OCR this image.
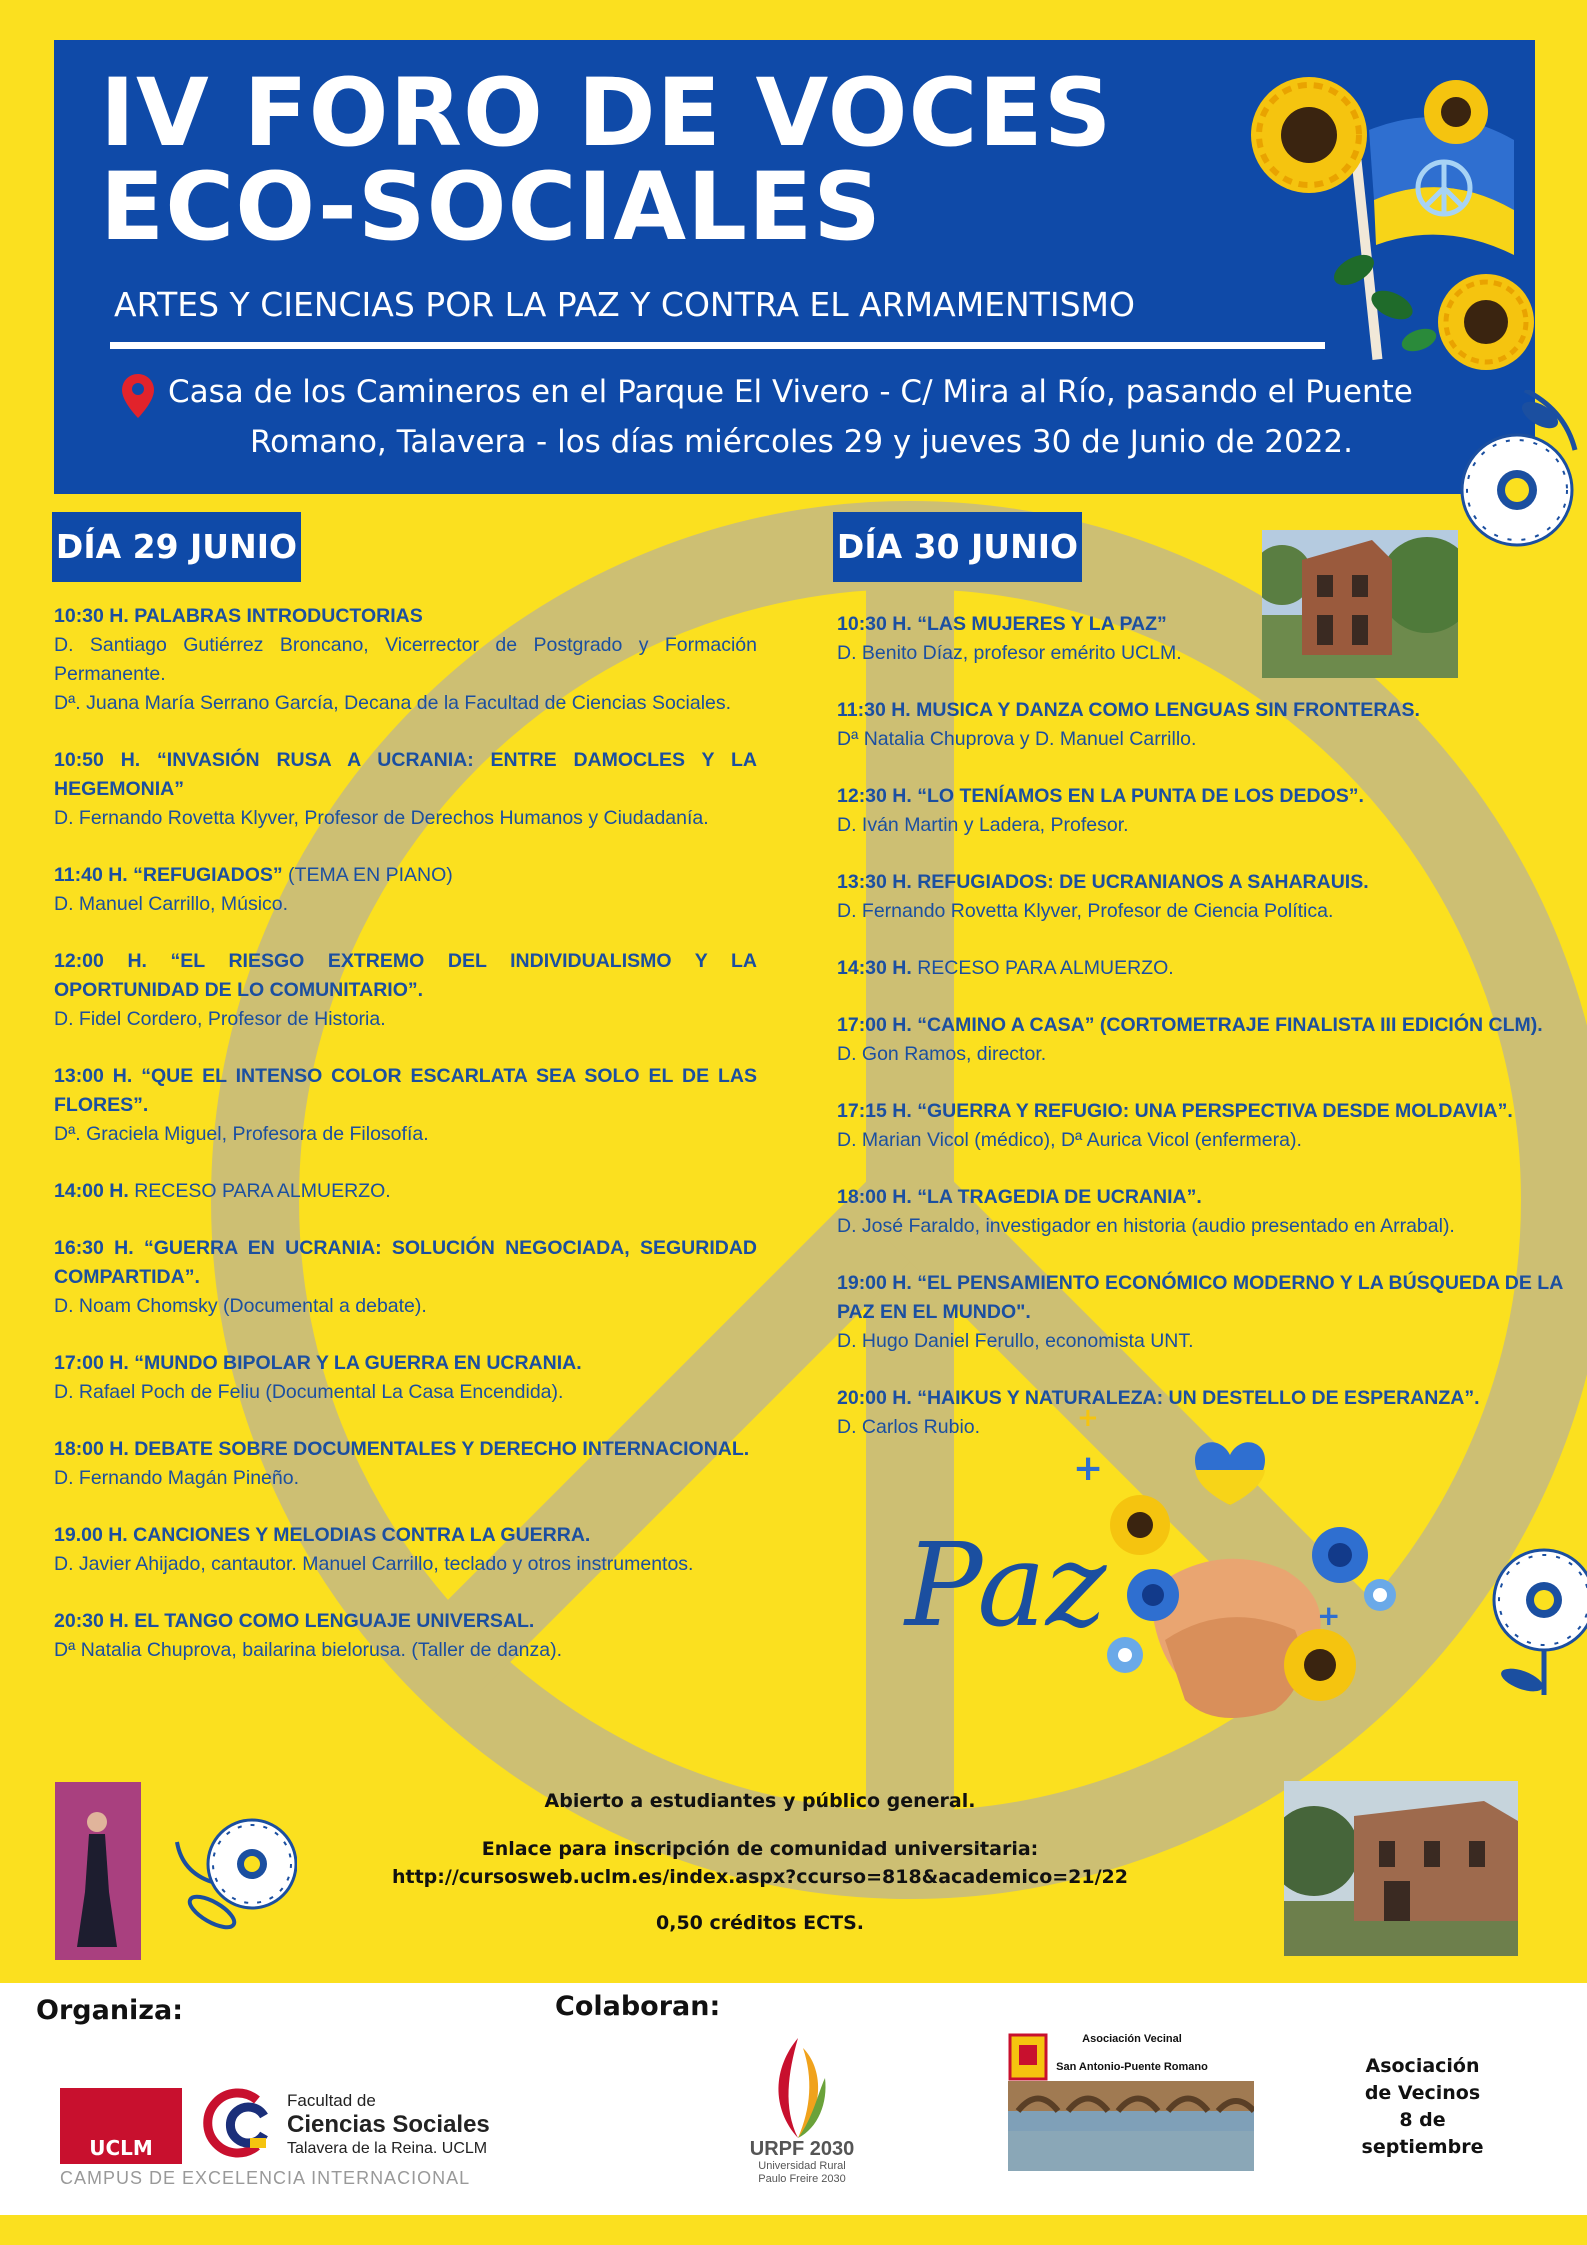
IV FORO DE VOCES
ECO-SOCIALES
ARTES Y CIENCIAS POR LA PAZ Y CONTRA EL ARMAMENTISMO
Casa de los Camineros en el Parque El Vivero - C/ Mira al Río, pasando el Puente
Romano, Talavera - los días miércoles 29 y jueves 30 de Junio de 2022.
DÍA 29 JUNIO	DÍA 30 JUNIO
10:30 H. PALABRAS INTRODUCTORIAS
D. Santiago Gutiérrez Broncano, Vicerrector de Postgrado y Formación Permanente.
Dª. Juana María Serrano García, Decana de la Facultad de Ciencias Sociales.
10:50 H. “INVASIÓN RUSA A UCRANIA: ENTRE DAMOCLES Y LA HEGEMONIA”
D. Fernando Rovetta Klyver, Profesor de Derechos Humanos y Ciudadanía.
11:40 H. “REFUGIADOS” (TEMA EN PIANO)
D. Manuel Carrillo, Músico.
12:00 H. “EL RIESGO EXTREMO DEL INDIVIDUALISMO Y LA OPORTUNIDAD DE LO COMUNITARIO”.
D. Fidel Cordero, Profesor de Historia.
13:00 H. “QUE EL INTENSO COLOR ESCARLATA SEA SOLO EL DE LAS FLORES”.
Dª. Graciela Miguel, Profesora de Filosofía.
14:00 H. RECESO PARA ALMUERZO.
16:30 H. “GUERRA EN UCRANIA: SOLUCIÓN NEGOCIADA, SEGURIDAD COMPARTIDA”.
D. Noam Chomsky (Documental a debate).
17:00 H. “MUNDO BIPOLAR Y LA GUERRA EN UCRANIA.
D. Rafael Poch de Feliu (Documental La Casa Encendida).
18:00 H. DEBATE SOBRE DOCUMENTALES Y DERECHO INTERNACIONAL.
D. Fernando Magán Pineño.
19.00 H. CANCIONES Y MELODIAS CONTRA LA GUERRA.
D. Javier Ahijado, cantautor. Manuel Carrillo, teclado y otros instrumentos.
20:30 H. EL TANGO COMO LENGUAJE UNIVERSAL.
Dª Natalia Chuprova, bailarina bielorusa. (Taller de danza).
10:30 H. “LAS MUJERES Y LA PAZ”
D. Benito Díaz, profesor emérito UCLM.
11:30 H. MUSICA Y DANZA COMO LENGUAS SIN FRONTERAS.
Dª Natalia Chuprova y D. Manuel Carrillo.
12:30 H. “LO TENÍAMOS EN LA PUNTA DE LOS DEDOS”.
D. Iván Martin y Ladera, Profesor.
13:30 H. REFUGIADOS: DE UCRANIANOS A SAHARAUIS.
D. Fernando Rovetta Klyver, Profesor de Ciencia Política.
14:30 H. RECESO PARA ALMUERZO.
17:00 H. “CAMINO A CASA” (CORTOMETRAJE FINALISTA III EDICIÓN CLM).
D. Gon Ramos, director.
17:15 H. “GUERRA Y REFUGIO: UNA PERSPECTIVA DESDE MOLDAVIA”.
D. Marian Vicol (médico), Dª Aurica Vicol (enfermera).
18:00 H. “LA TRAGEDIA DE UCRANIA”.
D. José Faraldo, investigador en historia (audio presentado en Arrabal).
19:00 H. “EL PENSAMIENTO ECONÓMICO MODERNO Y LA BÚSQUEDA DE LA PAZ EN EL MUNDO".
D. Hugo Daniel Ferullo, economista UNT.
20:00 H. “HAIKUS Y NATURALEZA: UN DESTELLO DE ESPERANZA”.
D. Carlos Rubio.
Paz
+
+
+
Abierto a estudiantes y público general.
Enlace para inscripción de comunidad universitaria:
http://cursosweb.uclm.es/index.aspx?ccurso=818&academico=21/22
0,50 créditos ECTS.
Organiza:	Colaboran:
UCLM
Facultad de
Ciencias Sociales
Talavera de la Reina. UCLM
CAMPUS DE EXCELENCIA INTERNACIONAL
URPF 2030
Universidad Rural
Paulo Freire 2030
Asociación Vecinal
San Antonio-Puente Romano	Asociación
de Vecinos
8 de
septiembre
